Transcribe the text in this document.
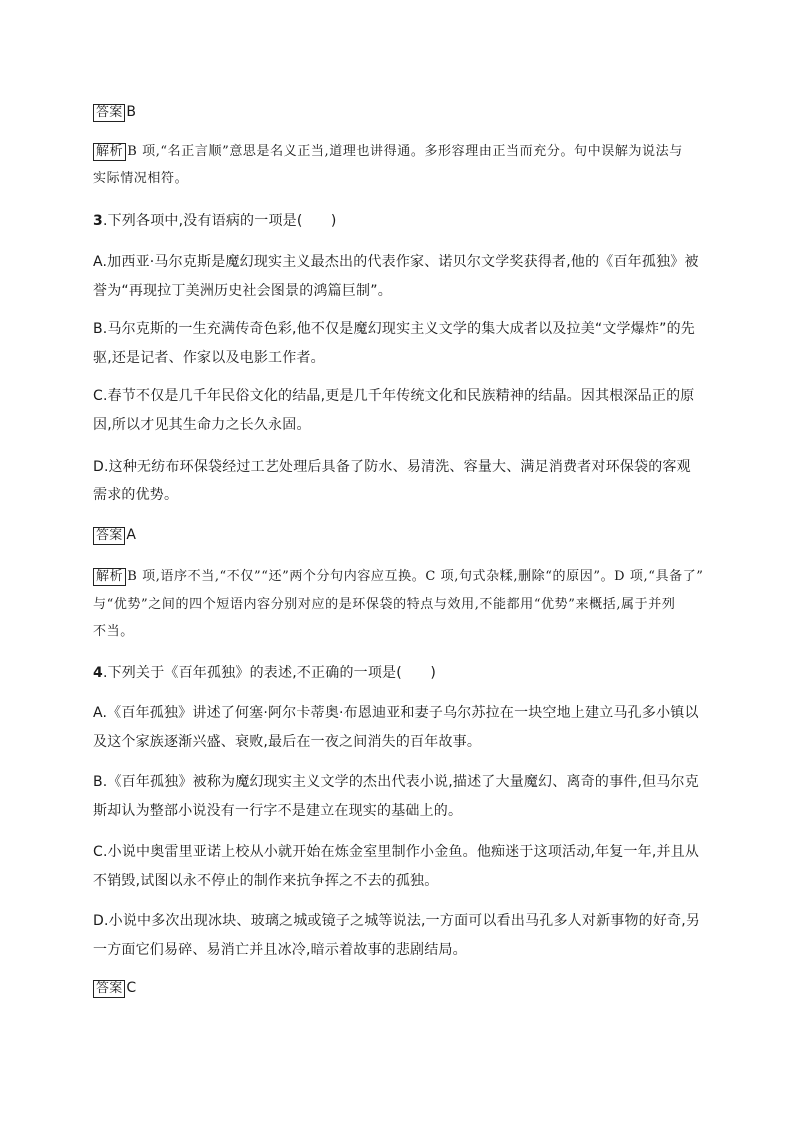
答案 B
解析 B 项,“名正言顺”意思是名义正当,道理也讲得通。多形容理由正当而充分。句中误解为说法与
实际情况相符。
3.下列各项中,没有语病的一项是(　　)
A.加西亚·马尔克斯是魔幻现实主义最杰出的代表作家、诺贝尔文学奖获得者,他的《百年孤独》被
誉为“再现拉丁美洲历史社会图景的鸿篇巨制”。
B.马尔克斯的一生充满传奇色彩,他不仅是魔幻现实主义文学的集大成者以及拉美“文学爆炸”的先
驱,还是记者、作家以及电影工作者。
C.春节不仅是几千年民俗文化的结晶,更是几千年传统文化和民族精神的结晶。因其根深品正的原
因,所以才见其生命力之长久永固。
D.这种无纺布环保袋经过工艺处理后具备了防水、易清洗、容量大、满足消费者对环保袋的客观
需求的优势。
答案 A
解析 B 项,语序不当,“不仅”“还”两个分句内容应互换。C 项,句式杂糅,删除“的原因”。D 项,“具备了”
与“优势”之间的四个短语内容分别对应的是环保袋的特点与效用,不能都用“优势”来概括,属于并列
不当。
4.下列关于《百年孤独》的表述,不正确的一项是(　　)
A.《百年孤独》讲述了何塞·阿尔卡蒂奥·布恩迪亚和妻子乌尔苏拉在一块空地上建立马孔多小镇以
及这个家族逐渐兴盛、衰败,最后在一夜之间消失的百年故事。
B.《百年孤独》被称为魔幻现实主义文学的杰出代表小说,描述了大量魔幻、离奇的事件,但马尔克
斯却认为整部小说没有一行字不是建立在现实的基础上的。
C.小说中奥雷里亚诺上校从小就开始在炼金室里制作小金鱼。他痴迷于这项活动,年复一年,并且从
不销毁,试图以永不停止的制作来抗争挥之不去的孤独。
D.小说中多次出现冰块、玻璃之城或镜子之城等说法,一方面可以看出马孔多人对新事物的好奇,另
一方面它们易碎、易消亡并且冰冷,暗示着故事的悲剧结局。
答案 C
